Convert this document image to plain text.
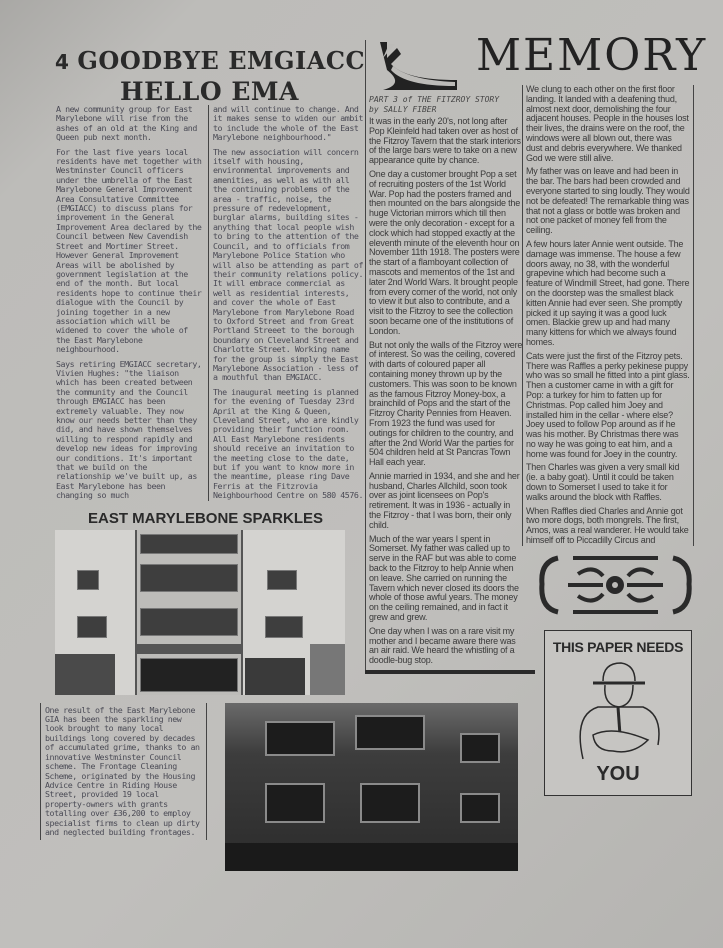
4 GOODBYE EMGIACC

A new community group for East Marylebone will rise from the ashes of an old at the King and Queen pub next month.

For the last five years local residents have met together with Westminster Council officers under the umbrella of the East Marylebone General Improvement Area Consultative Committee (EMGIACC) to discuss plans for improvement in the General Improvement Area declared by the Council between New Cavendish Street and Mortimer Street. However General Improvement Areas will be abolished by government legislation at the end of the month. But local residents hope to continue their dialogue with the Council by joining together in a new association which will be widened to cover the whole of the East Marylebone neighbourhood.

Says retiring EMGIACC secretary, Vivien Hughes: "the liaison which has been created between the community and the Council through EMGIACC has been extremely valuable. They now know our needs better than they did, and have shown themselves willing to respond rapidly and develop new ideas for improving our conditions. It's important that we build on the relationship we've built up, as East Marylebone has been changing so much

HELLO EMA

and will continue to change. And it makes sense to widen our ambit to include the whole of the East Marylebone neighbourhood."

The new association will concern itself with housing, environmental improvements and amenities, as well as with all the continuing problems of the area - traffic, noise, the pressure of redevelopment, burglar alarms, building sites - anything that local people wish to bring to the attention of the Council, and to officials from Marylebone Police Station who will also be attending as part of their community relations policy. It will embrace commercial as well as residential interests, and cover the whole of East Marylebone from Marylebone Road to Oxford Street and from Great Portland Streeet to the borough boundary on Cleveland Street and Charlotte Street. Working name for the group is simply the East Marylebone Association - less of a mouthful than EMGIACC.

The inaugural meeting is planned for the evening of Tuesday 23rd April at the King & Queen, Cleveland Street, who are kindly providing their function room. All East Marylebone residents should receive an invitation to the meeting close to the date, but if you want to know more in the meantime, please ring Dave Ferris at the Fitzrovia Neighbourhood Centre on 580 4576.

EAST MARYLEBONE SPARKLES
One result of the East Marylebone GIA has been the sparkling new look brought to many local buildings long covered by decades of accumulated grime, thanks to an innovative Westminster Council scheme. The Frontage Cleaning Scheme, originated by the Housing Advice Centre in Riding House Street, provided 19 local property-owners with grants totalling over £36,200 to employ specialist firms to clean up dirty and neglected building frontages.
MEMORY
PART 3 of THE FITZROY STORY
by SALLY FIBER

It was in the early 20's, not long after Pop Kleinfeld had taken over as host of the Fitzroy Tavern that the stark interiors of the large bars were to take on a new appearance quite by chance.

One day a customer brought Pop a set of recruiting posters of the 1st World War. Pop had the posters framed and then mounted on the bars alongside the huge Victorian mirrors which till then were the only decoration - except for a clock which had stopped exactly at the eleventh minute of the eleventh hour on November 11th 1918. The posters were the start of a flamboyant collection of mascots and mementos of the 1st and later 2nd World Wars. It brought people from every corner of the world, not only to view it but also to contribute, and a visit to the Fitzroy to see the collection soon became one of the institutions of London.

But not only the walls of the Fitzroy were of interest. So was the ceiling, covered with darts of coloured paper all containing money thrown up by the customers. This was soon to be known as the famous Fitzroy Money-box, a brainchild of Pops and the start of the Fitzroy Charity Pennies from Heaven. From 1923 the fund was used for outings for children to the country, and after the 2nd World War the parties for 504 children held at St Pancras Town Hall each year.

Annie married in 1934, and she and her husband, Charles Allchild, soon took over as joint licensees on Pop's retirement. It was in 1936 - actually in the Fitzroy - that I was born, their only child.

Much of the war years I spent in Somerset. My father was called up to serve in the RAF but was able to come back to the Fitzroy to help Annie when on leave. She carried on running the Tavern which never closed its doors the whole of those awful years. The money on the ceiling remained, and in fact it grew and grew.

One day when I was on a rare visit my mother and I became aware there was an air raid. We heard the whistling of a doodle-bug stop.

We clung to each other on the first floor landing. It landed with a deafening thud, almost next door, demolishing the four adjacent houses. People in the houses lost their lives, the drains were on the roof, the windows were all blown out, there was dust and debris everywhere. We thanked God we were still alive.

My father was on leave and had been in the bar. The bars had been crowded and everyone started to sing loudly. They would not be defeated! The remarkable thing was that not a glass or bottle was broken and not one packet of money fell from the ceiling.

A few hours later Annie went outside. The damage was immense. The house a few doors away, no 38, with the wonderful grapevine which had become such a feature of Windmill Street, had gone. There on the doorstep was the smallest black kitten Annie had ever seen. She promptly picked it up saying it was a good luck omen. Blackie grew up and had many many kittens for which we always found homes.

Cats were just the first of the Fitzroy pets. There was Raffles a perky pekinese puppy who was so small he fitted into a pint glass. Then a customer came in with a gift for Pop: a turkey for him to fatten up for Christmas. Pop called him Joey and installed him in the cellar - where else? Joey used to follow Pop around as if he was his mother. By Christmas there was no way he was going to eat him, and a home was found for Joey in the country.

Then Charles was given a very small kid (ie. a baby goat). Until it could be taken down to Somerset I used to take it for walks around the block with Raffles.

When Raffles died Charles and Annie got two more dogs, both mongrels. The first, Amos, was a real wanderer. He would take himself off to Piccadilly Circus and

THIS PAPER NEEDS
YOU
